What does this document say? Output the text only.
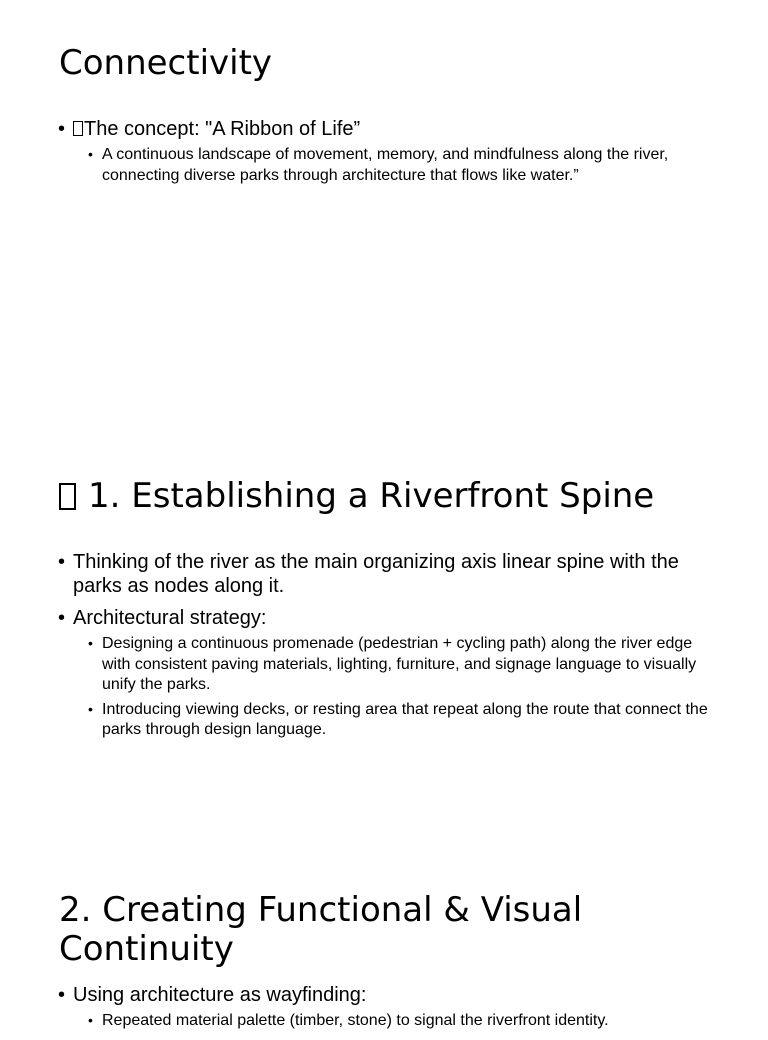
Connectivity
• The concept: "A Ribbon of Life”
• A continuous landscape of movement, memory, and mindfulness along the river, connecting diverse parks through architecture that flows like water.”
1. Establishing a Riverfront Spine
• Thinking of the river as the main organizing axis linear spine with the parks as nodes along it.
• Architectural strategy:
• Designing a continuous promenade (pedestrian + cycling path) along the river edge with consistent paving materials, lighting, furniture, and signage language to visually unify the parks.
• Introducing viewing decks, or resting area that repeat along the route that connect the parks through design language.
2. Creating Functional & Visual Continuity
• Using architecture as wayfinding:
• Repeated material palette (timber, stone) to signal the riverfront identity.
